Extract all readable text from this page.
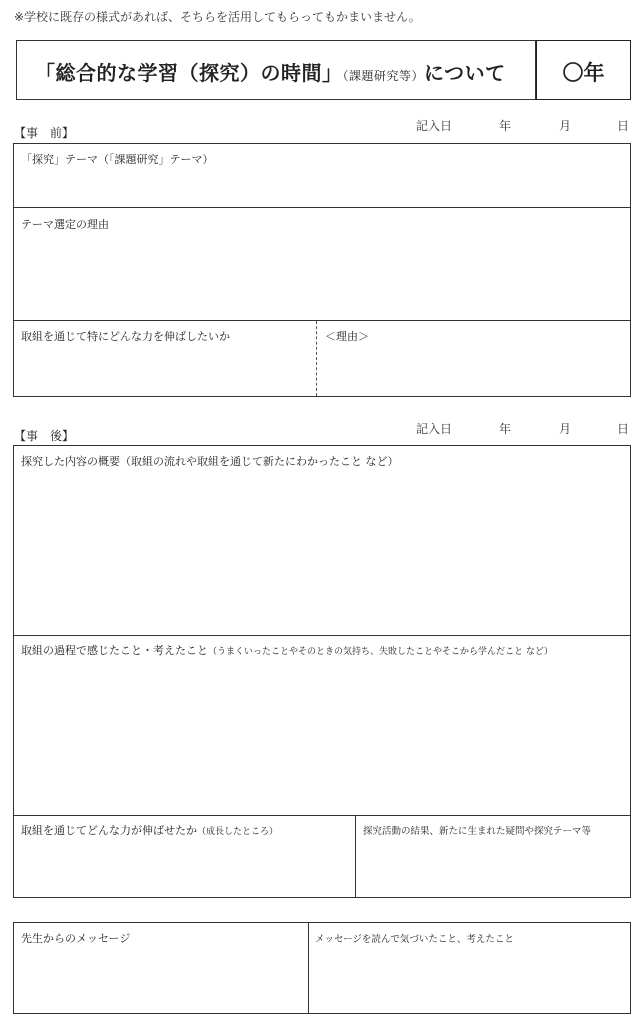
※学校に既存の様式があれば、そちらを活用してもらってもかまいません。
「総合的な学習（探究）の時間」（課題研究等）について	〇年
【事　前】	記入日	年	月	日
「探究」テーマ（「課題研究」テーマ）
テーマ選定の理由
取組を通じて特にどんな力を伸ばしたいか	＜理由＞
【事　後】	記入日	年	月	日
探究した内容の概要（取組の流れや取組を通じて新たにわかったこと など）
取組の過程で感じたこと・考えたこと（うまくいったことやそのときの気持ち、失敗したことやそこから学んだこと など）
取組を通じてどんな力が伸ばせたか（成長したところ）	探究活動の結果、新たに生まれた疑問や探究テーマ等
先生からのメッセージ	メッセージを読んで気づいたこと、考えたこと
